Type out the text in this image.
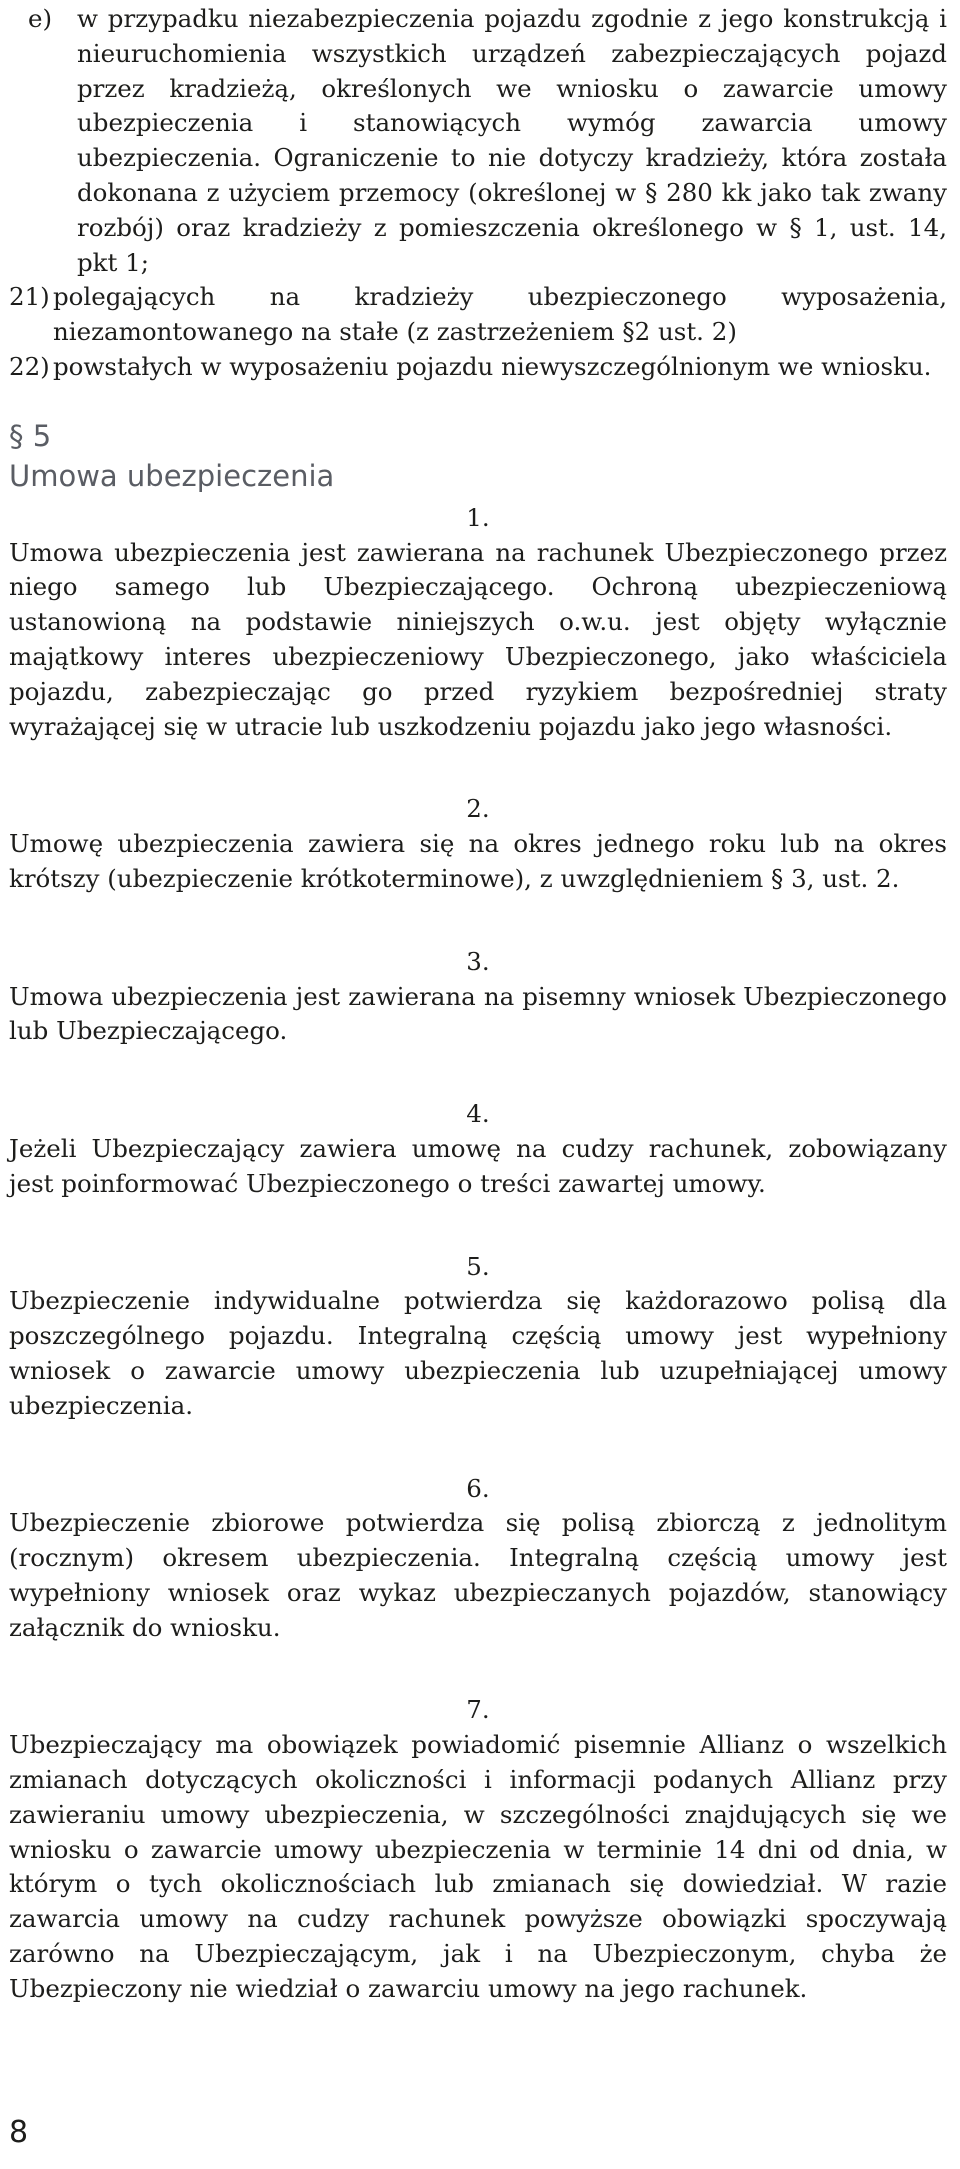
e)	w przypadku niezabezpieczenia pojazdu zgodnie z jego konstrukcją i nieuruchomienia wszystkich urządzeń zabezpieczających pojazd przez kradzieżą, określonych we wniosku o zawarcie umowy ubezpieczenia i stanowiących wymóg zawarcia umowy ubezpieczenia. Ograniczenie to nie dotyczy kradzieży, która została dokonana z użyciem przemocy (określonej w § 280 kk jako tak zwany rozbój) oraz kradzieży z pomieszczenia określonego w § 1, ust. 14, pkt 1;
21) polegających na kradzieży ubezpieczonego wyposażenia, niezamontowanego na stałe (z zastrzeżeniem §2 ust. 2)
22) powstałych w wyposażeniu pojazdu niewyszczególnionym we wniosku.
§ 5
Umowa ubezpieczenia
1.
Umowa ubezpieczenia jest zawierana na rachunek Ubezpieczonego przez niego samego lub Ubezpieczającego. Ochroną ubezpieczeniową ustanowioną na podstawie niniejszych o.w.u. jest objęty wyłącznie majątkowy interes ubezpieczeniowy Ubezpieczonego, jako właściciela pojazdu, zabezpieczając go przed ryzykiem bezpośredniej straty wyrażającej się w utracie lub uszkodzeniu pojazdu jako jego własności.
2.
Umowę ubezpieczenia zawiera się na okres jednego roku lub na okres krótszy (ubezpieczenie krótkoterminowe), z uwzględnieniem § 3, ust. 2.
3.
Umowa ubezpieczenia jest zawierana na pisemny wniosek Ubezpieczonego lub Ubezpieczającego.
4.
Jeżeli Ubezpieczający zawiera umowę na cudzy rachunek, zobowiązany jest poinformować Ubezpieczonego o treści zawartej umowy.
5.
Ubezpieczenie indywidualne potwierdza się każdorazowo polisą dla poszczególnego pojazdu. Integralną częścią umowy jest wypełniony wniosek o zawarcie umowy ubezpieczenia lub uzupełniającej umowy ubezpieczenia.
6.
Ubezpieczenie zbiorowe potwierdza się polisą zbiorczą z jednolitym (rocznym) okresem ubezpieczenia. Integralną częścią umowy jest wypełniony wniosek oraz wykaz ubezpieczanych pojazdów, stanowiący załącznik do wniosku.
7.
Ubezpieczający ma obowiązek powiadomić pisemnie Allianz o wszelkich zmianach dotyczących okoliczności i informacji podanych Allianz przy zawieraniu umowy ubezpieczenia, w szczególności znajdujących się we wniosku o zawarcie umowy ubezpieczenia w terminie 14 dni od dnia, w którym o tych okolicznościach lub zmianach się dowiedział. W razie zawarcia umowy na cudzy rachunek powyższe obowiązki spoczywają zarówno na Ubezpieczającym, jak i na Ubezpieczonym, chyba że Ubezpieczony nie wiedział o zawarciu umowy na jego rachunek.
8
